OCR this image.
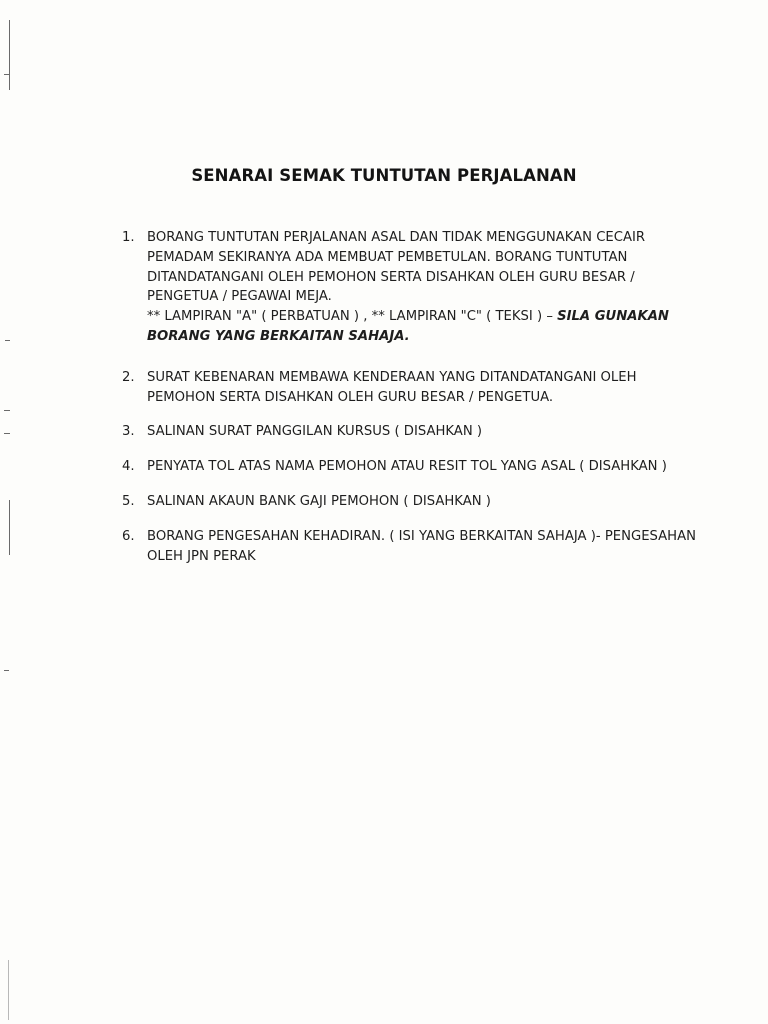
SENARAI SEMAK TUNTUTAN PERJALANAN
1. BORANG TUNTUTAN PERJALANAN ASAL DAN TIDAK MENGGUNAKAN CECAIR
PEMADAM SEKIRANYA ADA MEMBUAT PEMBETULAN. BORANG TUNTUTAN
DITANDATANGANI OLEH PEMOHON SERTA DISAHKAN OLEH GURU BESAR /
PENGETUA / PEGAWAI MEJA.
** LAMPIRAN "A" ( PERBATUAN ) , ** LAMPIRAN "C" ( TEKSI ) – SILA GUNAKAN
BORANG YANG BERKAITAN SAHAJA.
2. SURAT KEBENARAN MEMBAWA KENDERAAN YANG DITANDATANGANI OLEH
PEMOHON SERTA DISAHKAN OLEH GURU BESAR / PENGETUA.
3. SALINAN SURAT PANGGILAN KURSUS ( DISAHKAN )
4. PENYATA TOL ATAS NAMA PEMOHON ATAU RESIT TOL YANG ASAL ( DISAHKAN )
5. SALINAN AKAUN BANK GAJI PEMOHON ( DISAHKAN )
6. BORANG PENGESAHAN KEHADIRAN. ( ISI YANG BERKAITAN SAHAJA )- PENGESAHAN
OLEH JPN PERAK
